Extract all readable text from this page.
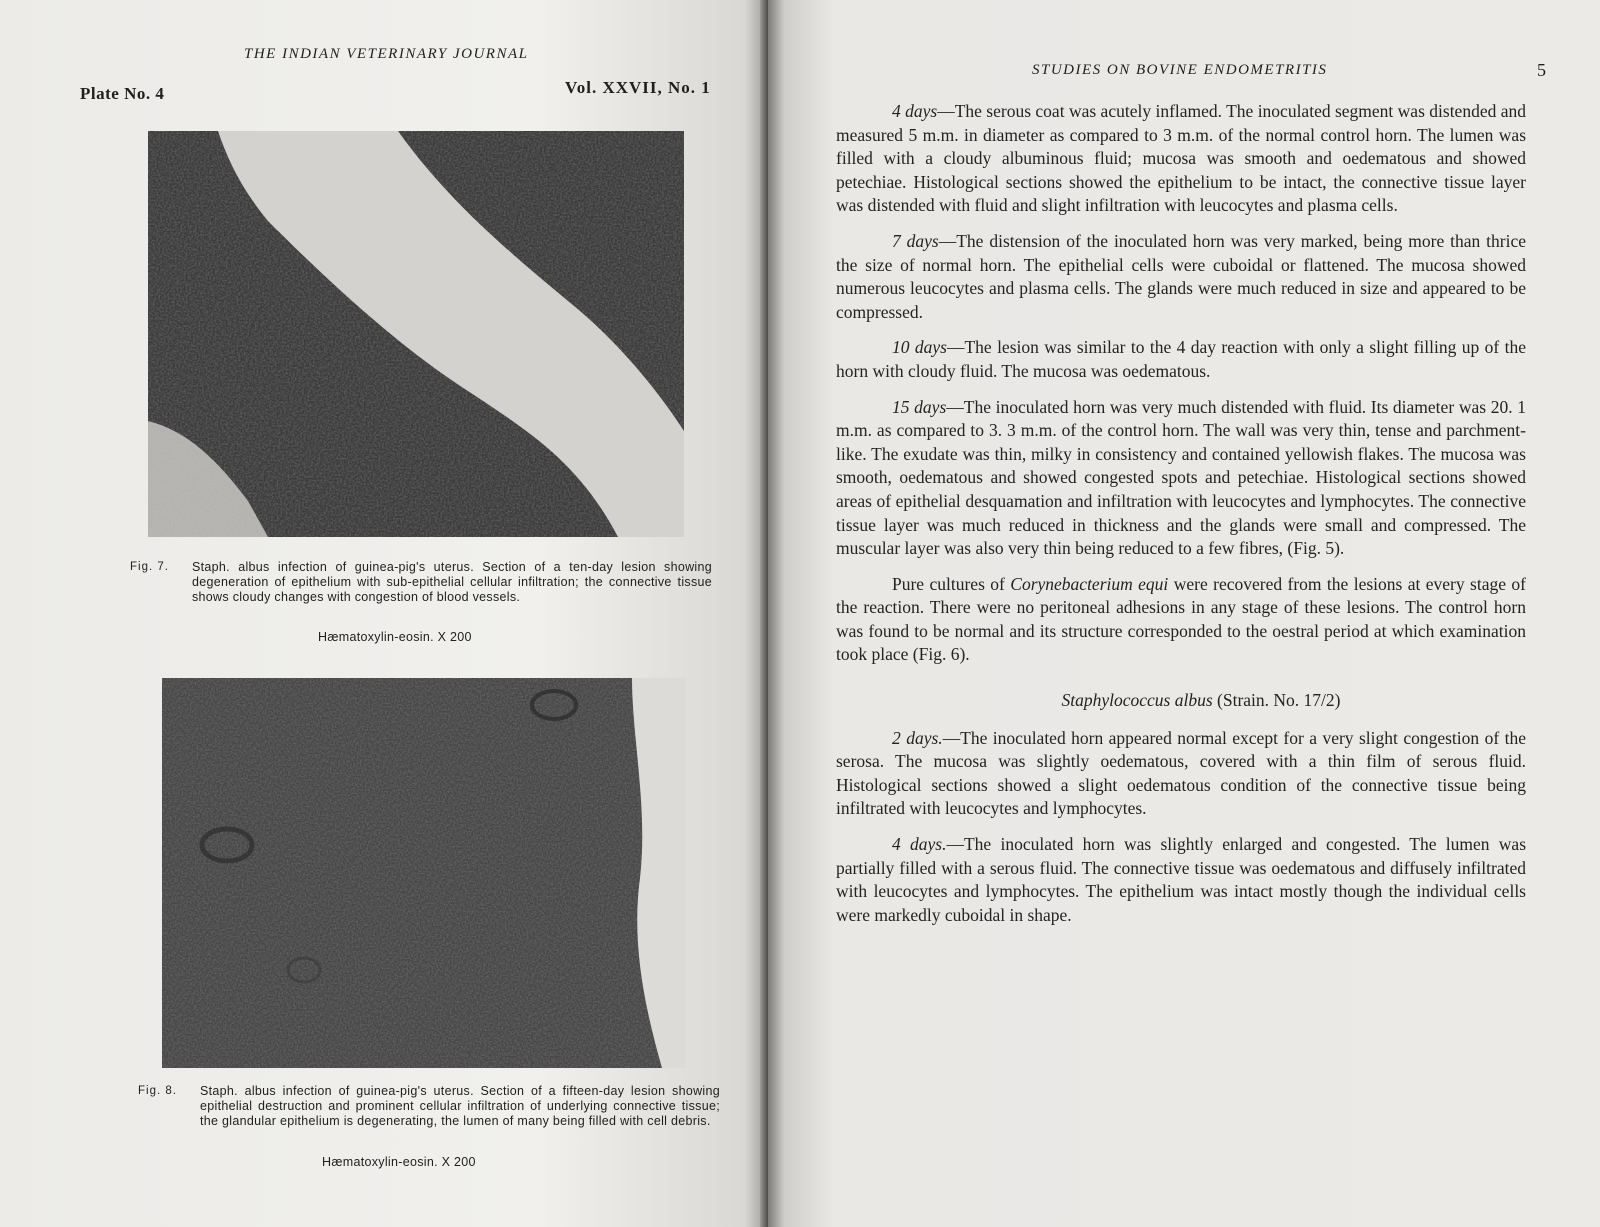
THE INDIAN VETERINARY JOURNAL
Plate No. 4	Vol. XXVII, No. 1
Fig. 7. Staph. albus infection of guinea-pig's uterus. Section of a ten-day lesion showing degeneration of epithelium with sub-epithelial cellular infiltration; the connective tissue shows cloudy changes with congestion of blood vessels.
Hæmatoxylin-eosin. X 200
Fig. 8. Staph. albus infection of guinea-pig's uterus. Section of a fifteen-day lesion showing epithelial destruction and prominent cellular infiltration of underlying connective tissue; the glandular epithelium is degenerating, the lumen of many being filled with cell debris.
Hæmatoxylin-eosin. X 200
STUDIES ON BOVINE ENDOMETRITIS	5

4 days—The serous coat was acutely inflamed. The inoculated segment was distended and measured 5 m.m. in diameter as compared to 3 m.m. of the normal control horn. The lumen was filled with a cloudy albuminous fluid; mucosa was smooth and oedematous and showed petechiae. Histological sections showed the epithelium to be intact, the connective tissue layer was distended with fluid and slight infiltration with leucocytes and plasma cells.

7 days—The distension of the inoculated horn was very marked, being more than thrice the size of normal horn. The epithelial cells were cuboidal or flattened. The mucosa showed numerous leucocytes and plasma cells. The glands were much reduced in size and appeared to be compressed.

10 days—The lesion was similar to the 4 day reaction with only a slight filling up of the horn with cloudy fluid. The mucosa was oedematous.

15 days—The inoculated horn was very much distended with fluid. Its diameter was 20. 1 m.m. as compared to 3. 3 m.m. of the control horn. The wall was very thin, tense and parchment-like. The exudate was thin, milky in consistency and contained yellowish flakes. The mucosa was smooth, oedematous and showed congested spots and petechiae. Histological sections showed areas of epithelial desquamation and infiltration with leucocytes and lymphocytes. The connective tissue layer was much reduced in thickness and the glands were small and compressed. The muscular layer was also very thin being reduced to a few fibres, (Fig. 5).

Pure cultures of Corynebacterium equi were recovered from the lesions at every stage of the reaction. There were no peritoneal adhesions in any stage of these lesions. The control horn was found to be normal and its structure corresponded to the oestral period at which examination took place (Fig. 6).

Staphylococcus albus (Strain. No. 17/2)

2 days.—The inoculated horn appeared normal except for a very slight congestion of the serosa. The mucosa was slightly oedematous, covered with a thin film of serous fluid. Histological sections showed a slight oedematous condition of the connective tissue being infiltrated with leucocytes and lymphocytes.

4 days.—The inoculated horn was slightly enlarged and congested. The lumen was partially filled with a serous fluid. The connective tissue was oedematous and diffusely infiltrated with leucocytes and lymphocytes. The epithelium was intact mostly though the individual cells were markedly cuboidal in shape.
